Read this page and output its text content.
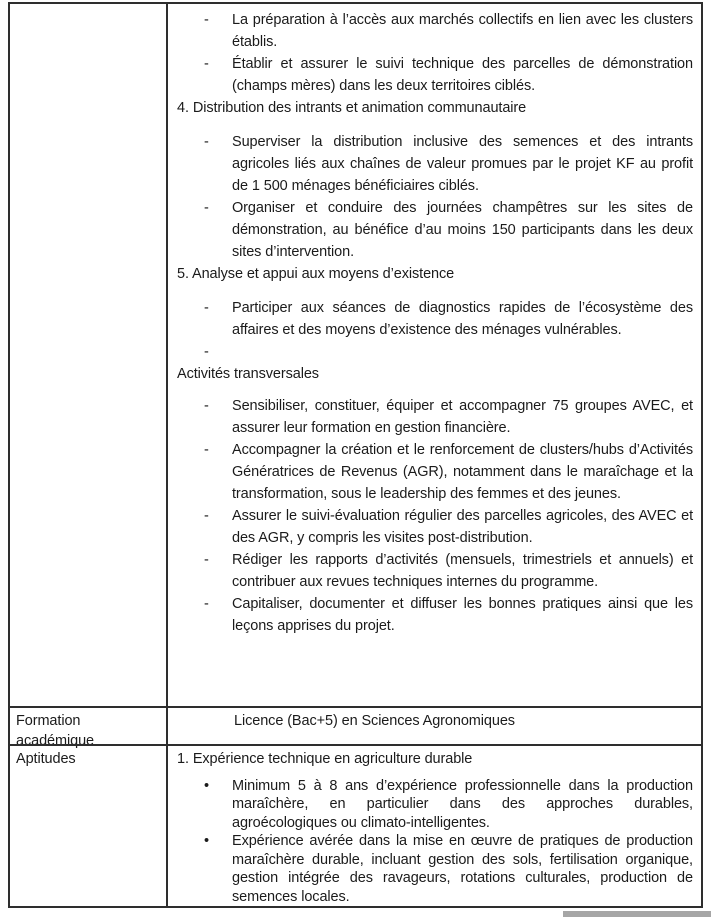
- La préparation à l’accès aux marchés collectifs en lien avec les clusters établis.
- Établir et assurer le suivi technique des parcelles de démonstration (champs mères) dans les deux territoires ciblés.
4. Distribution des intrants et animation communautaire
- Superviser la distribution inclusive des semences et des intrants agricoles liés aux chaînes de valeur promues par le projet KF au profit de 1 500 ménages bénéficiaires ciblés.
- Organiser et conduire des journées champêtres sur les sites de démonstration, au bénéfice d’au moins 150 participants dans les deux sites d’intervention.
5. Analyse et appui aux moyens d’existence
- Participer aux séances de diagnostics rapides de l’écosystème des affaires et des moyens d’existence des ménages vulnérables.
-
Activités transversales
- Sensibiliser, constituer, équiper et accompagner 75 groupes AVEC, et assurer leur formation en gestion financière.
- Accompagner la création et le renforcement de clusters/hubs d’Activités Génératrices de Revenus (AGR), notamment dans le maraîchage et la transformation, sous le leadership des femmes et des jeunes.
- Assurer le suivi-évaluation régulier des parcelles agricoles, des AVEC et des AGR, y compris les visites post-distribution.
- Rédiger les rapports d’activités (mensuels, trimestriels et annuels) et contribuer aux revues techniques internes du programme.
- Capitaliser, documenter et diffuser les bonnes pratiques ainsi que les leçons apprises du projet.
Formation académique
Licence (Bac+5) en Sciences Agronomiques
Aptitudes	1. Expérience technique en agriculture durable
• Minimum 5 à 8 ans d’expérience professionnelle dans la production maraîchère, en particulier dans des approches durables, agroécologiques ou climato-intelligentes.
• Expérience avérée dans la mise en œuvre de pratiques de production maraîchère durable, incluant gestion des sols, fertilisation organique, gestion intégrée des ravageurs, rotations culturales, production de semences locales.
